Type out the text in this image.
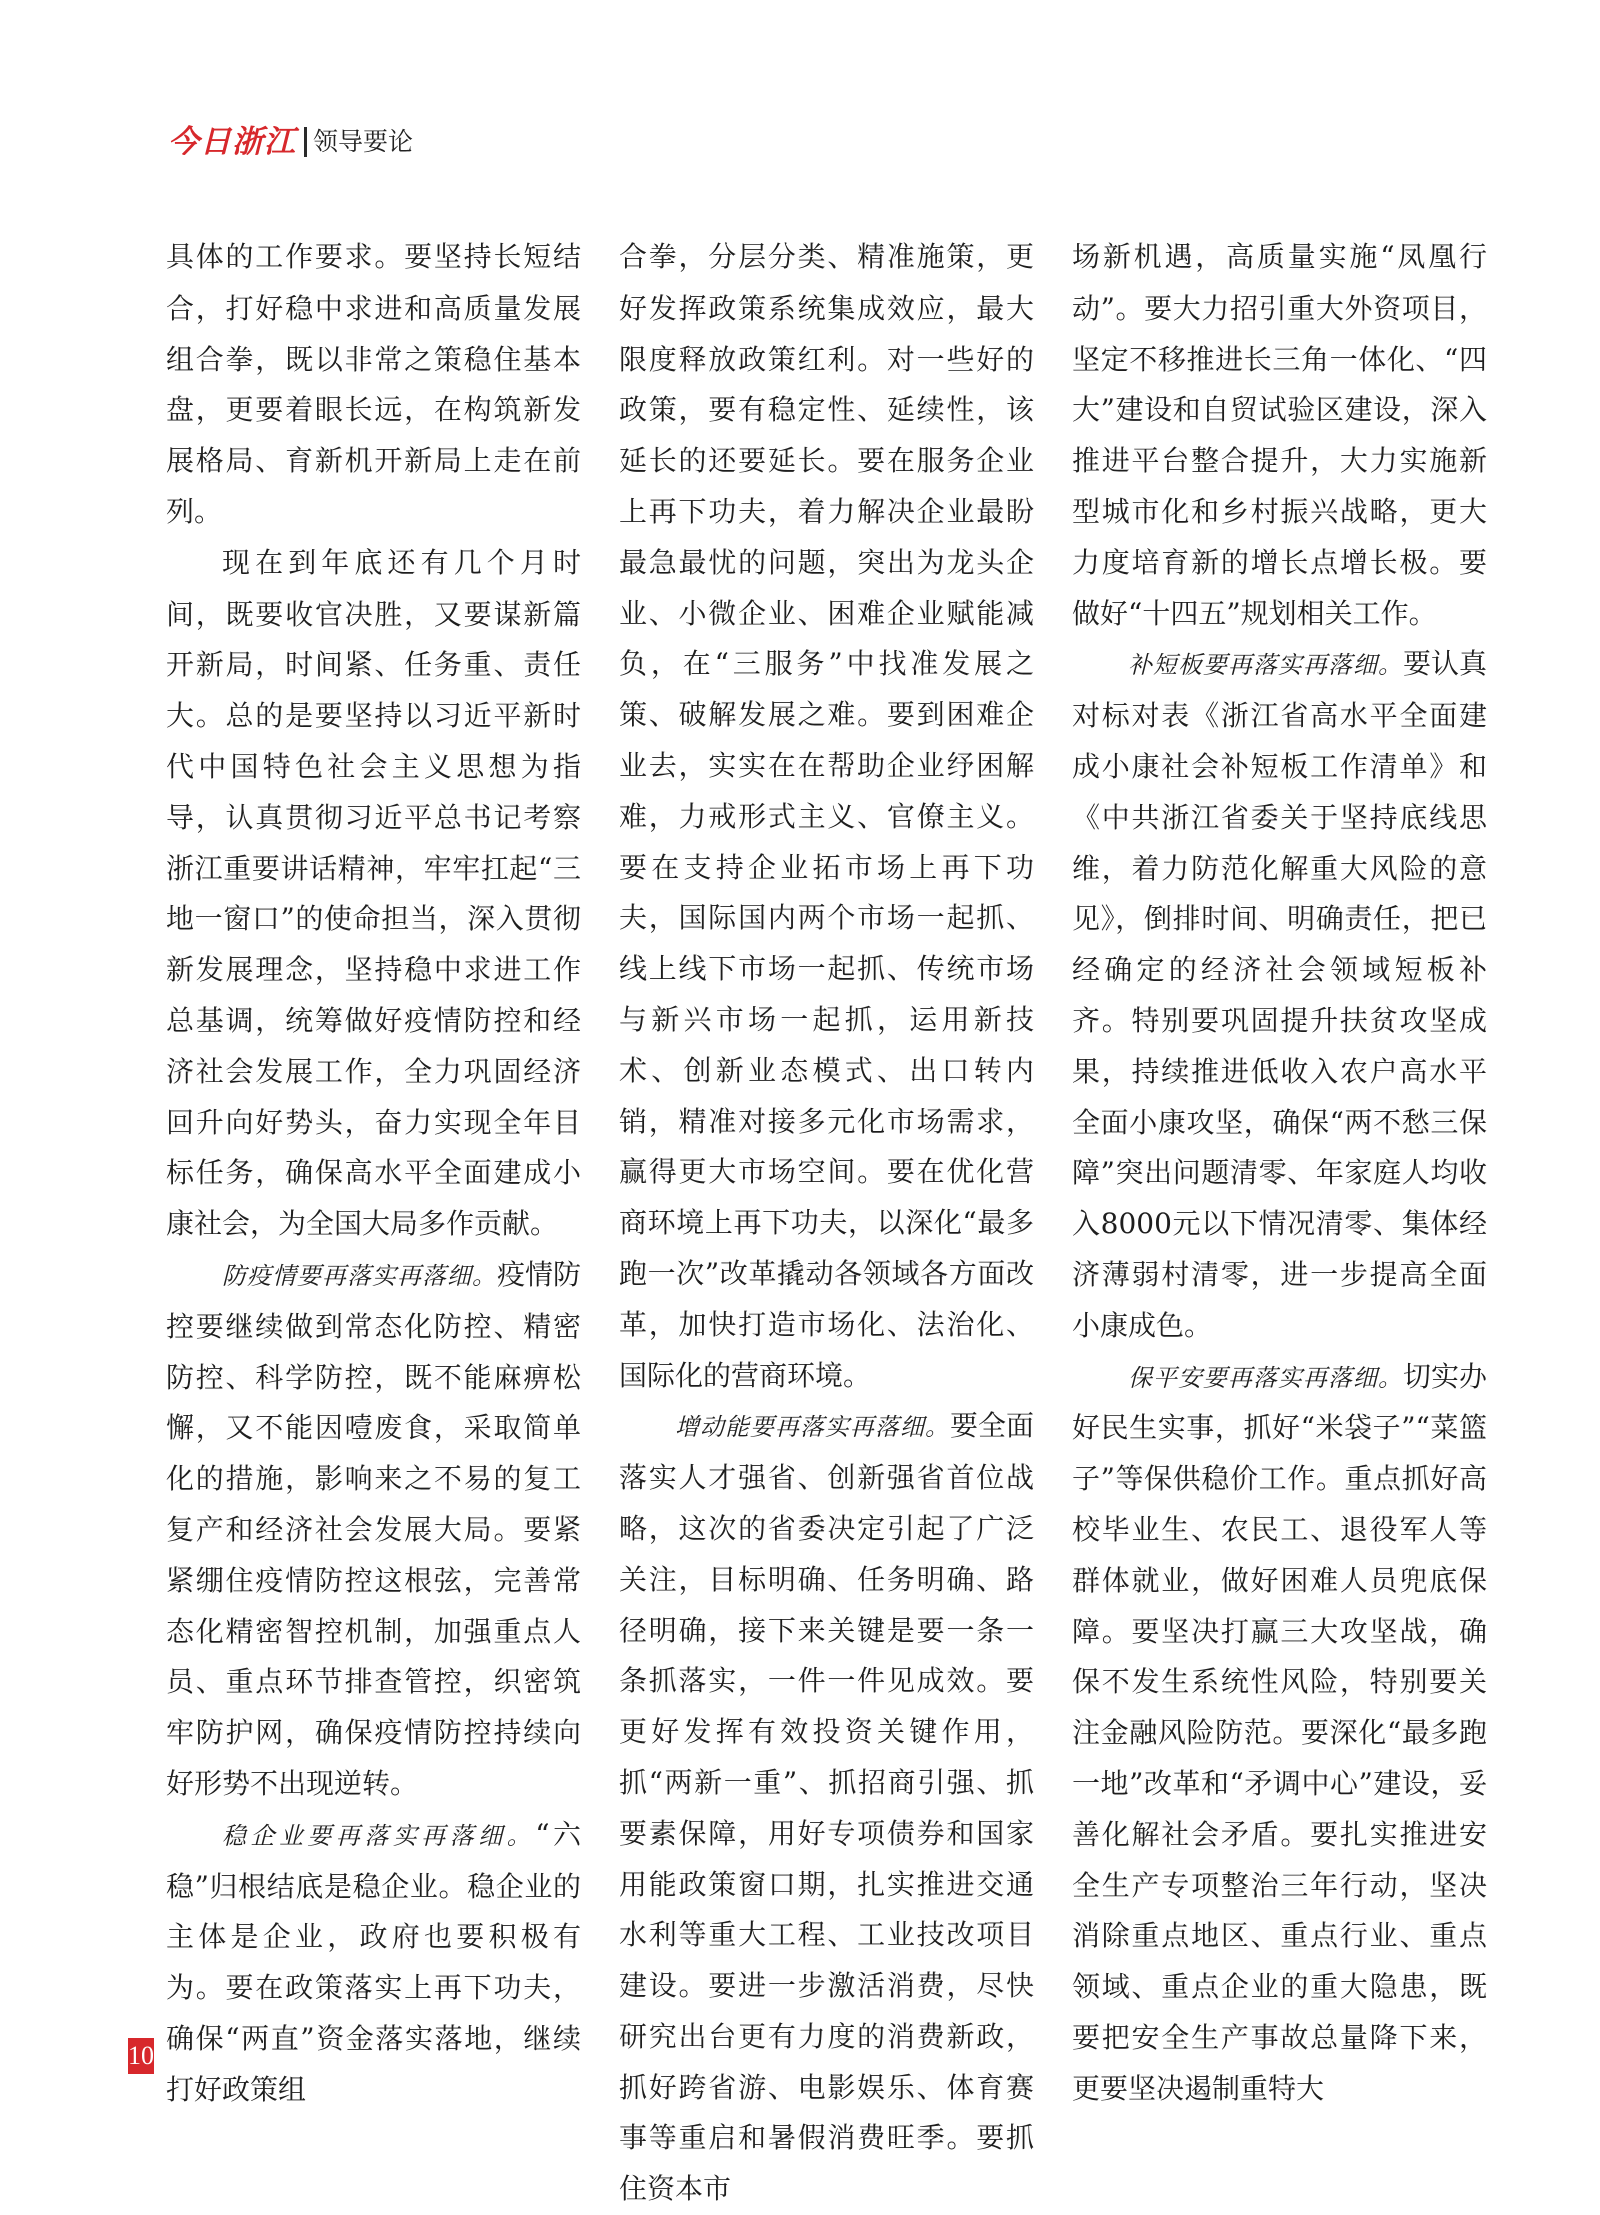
今日浙江 领导要论

具体的工作要求。要坚持长短结合，打好稳中求进和高质量发展组合拳，既以非常之策稳住基本盘，更要着眼长远，在构筑新发展格局、育新机开新局上走在前列。

现在到年底还有几个月时间，既要收官决胜，又要谋新篇开新局，时间紧、任务重、责任大。总的是要坚持以习近平新时代中国特色社会主义思想为指导，认真贯彻习近平总书记考察浙江重要讲话精神，牢牢扛起“三地一窗口”的使命担当，深入贯彻新发展理念，坚持稳中求进工作总基调，统筹做好疫情防控和经济社会发展工作，全力巩固经济回升向好势头，奋力实现全年目标任务，确保高水平全面建成小康社会，为全国大局多作贡献。

防疫情要再落实再落细。疫情防控要继续做到常态化防控、精密防控、科学防控，既不能麻痹松懈，又不能因噎废食，采取简单化的措施，影响来之不易的复工复产和经济社会发展大局。要紧紧绷住疫情防控这根弦，完善常态化精密智控机制，加强重点人员、重点环节排查管控，织密筑牢防护网，确保疫情防控持续向好形势不出现逆转。

稳企业要再落实再落细。“六稳”归根结底是稳企业。稳企业的主体是企业，政府也要积极有为。要在政策落实上再下功夫，确保“两直”资金落实落地，继续打好政策组

合拳，分层分类、精准施策，更好发挥政策系统集成效应，最大限度释放政策红利。对一些好的政策，要有稳定性、延续性，该延长的还要延长。要在服务企业上再下功夫，着力解决企业最盼最急最忧的问题，突出为龙头企业、小微企业、困难企业赋能减负，在“三服务”中找准发展之策、破解发展之难。要到困难企业去，实实在在帮助企业纾困解难，力戒形式主义、官僚主义。要在支持企业拓市场上再下功夫，国际国内两个市场一起抓、线上线下市场一起抓、传统市场与新兴市场一起抓，运用新技术、创新业态模式、出口转内销，精准对接多元化市场需求，赢得更大市场空间。要在优化营商环境上再下功夫，以深化“最多跑一次”改革撬动各领域各方面改革，加快打造市场化、法治化、国际化的营商环境。

增动能要再落实再落细。要全面落实人才强省、创新强省首位战略，这次的省委决定引起了广泛关注，目标明确、任务明确、路径明确，接下来关键是要一条一条抓落实，一件一件见成效。要更好发挥有效投资关键作用，抓“两新一重”、抓招商引强、抓要素保障，用好专项债券和国家用能政策窗口期，扎实推进交通水利等重大工程、工业技改项目建设。要进一步激活消费，尽快研究出台更有力度的消费新政，抓好跨省游、电影娱乐、体育赛事等重启和暑假消费旺季。要抓住资本市

场新机遇，高质量实施“凤凰行动”。要大力招引重大外资项目，坚定不移推进长三角一体化、“四大”建设和自贸试验区建设，深入推进平台整合提升，大力实施新型城市化和乡村振兴战略，更大力度培育新的增长点增长极。要做好“十四五”规划相关工作。

补短板要再落实再落细。要认真对标对表《浙江省高水平全面建成小康社会补短板工作清单》和《中共浙江省委关于坚持底线思维，着力防范化解重大风险的意见》，倒排时间、明确责任，把已经确定的经济社会领域短板补齐。特别要巩固提升扶贫攻坚成果，持续推进低收入农户高水平全面小康攻坚，确保“两不愁三保障”突出问题清零、年家庭人均收入8000元以下情况清零、集体经济薄弱村清零，进一步提高全面小康成色。

保平安要再落实再落细。切实办好民生实事，抓好“米袋子”“菜篮子”等保供稳价工作。重点抓好高校毕业生、农民工、退役军人等群体就业，做好困难人员兜底保障。要坚决打赢三大攻坚战，确保不发生系统性风险，特别要关注金融风险防范。要深化“最多跑一地”改革和“矛调中心”建设，妥善化解社会矛盾。要扎实推进安全生产专项整治三年行动，坚决消除重点地区、重点行业、重点领域、重点企业的重大隐患，既要把安全生产事故总量降下来，更要坚决遏制重特大

10
